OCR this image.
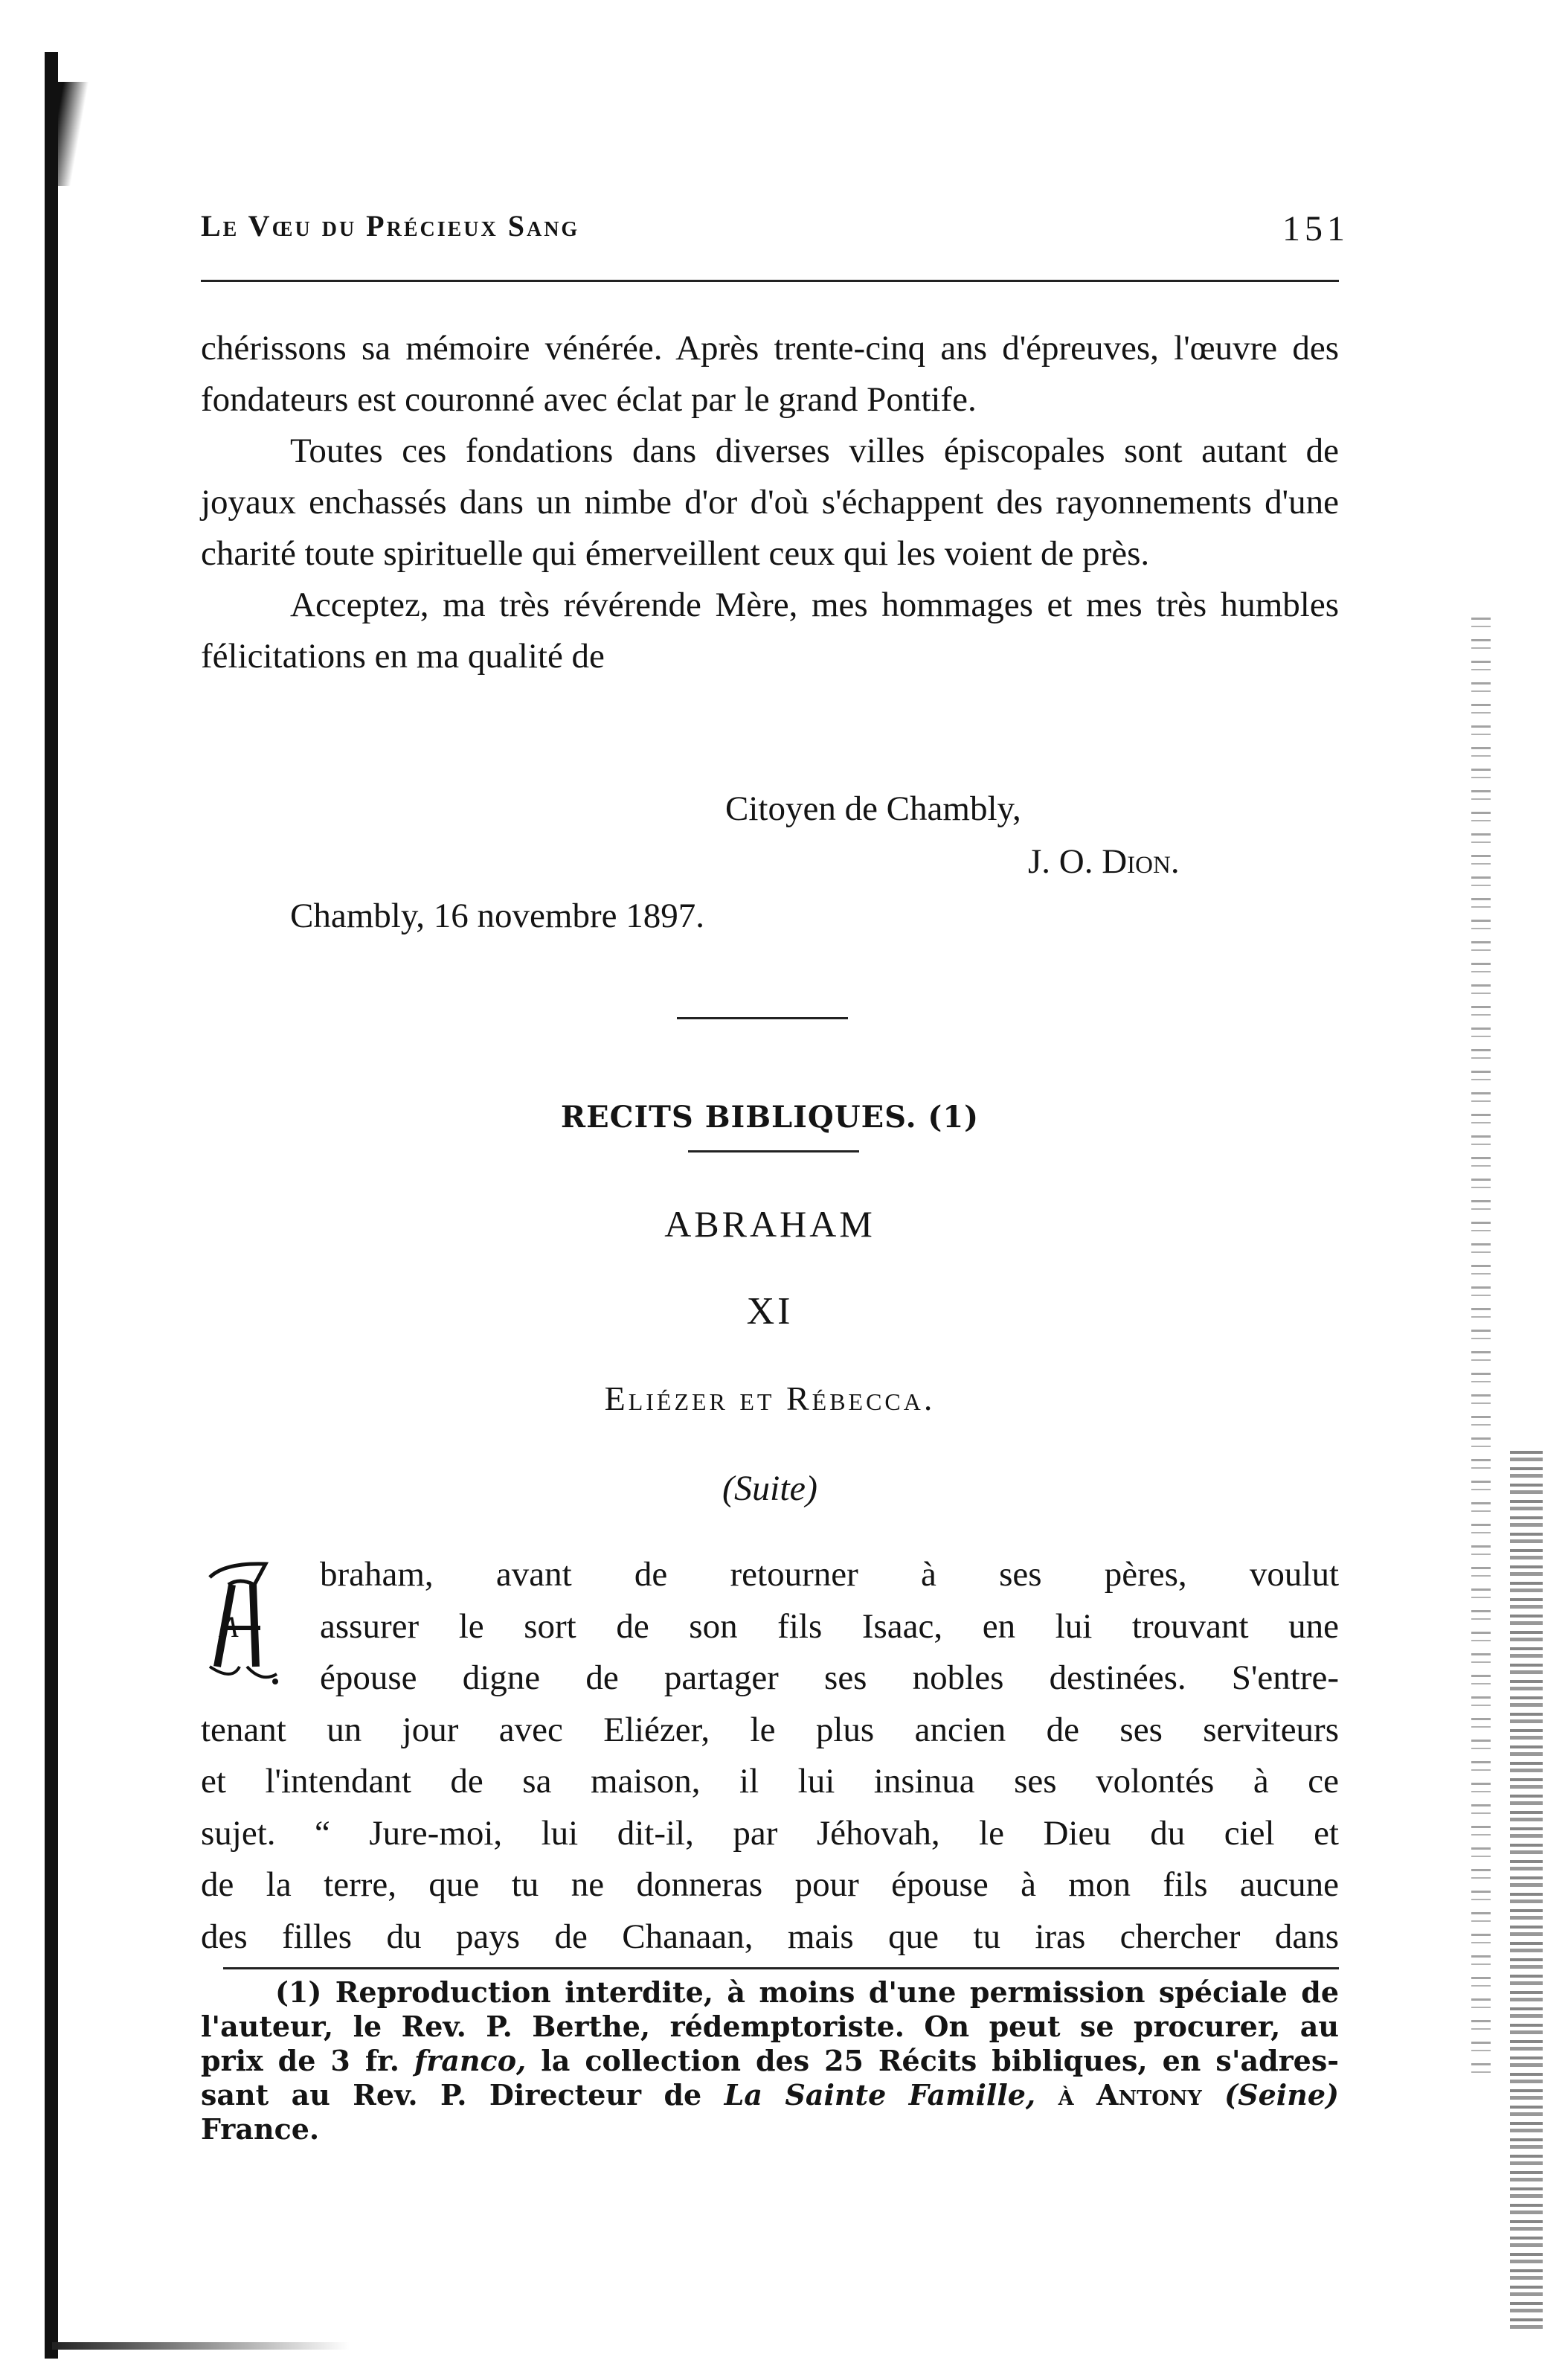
Le Vœu du Précieux Sang	151

chérissons sa mémoire vénérée. Après trente-cinq ans d'épreuves, l'œuvre des fondateurs est couronné avec éclat par le grand Pontife.

Toutes ces fondations dans diverses villes épiscopales sont autant de joyaux enchassés dans un nimbe d'or d'où s'échappent des rayonnements d'une charité toute spirituelle qui émerveillent ceux qui les voient de près.

Acceptez, ma très révérende Mère, mes hommages et mes très humbles félicitations en ma qualité de

Citoyen de Chambly,
J. O. Dion.
Chambly, 16 novembre 1897.
RECITS BIBLIQUES. (1)
ABRAHAM
XI
Eliézer et Rébecca.
(Suite)
A
braham, avant de retourner à ses pères, voulut
assurer le sort de son fils Isaac, en lui trouvant une
épouse digne de partager ses nobles destinées. S'entre-
tenant un jour avec Eliézer, le plus ancien de ses serviteurs
et l'intendant de sa maison, il lui insinua ses volontés à ce
sujet. “ Jure-moi, lui dit-il, par Jéhovah, le Dieu du ciel et
de la terre, que tu ne donneras pour épouse à mon fils aucune
des filles du pays de Chanaan, mais que tu iras chercher dans
(1) Reproduction interdite, à moins d'une permission spéciale de
l'auteur, le Rev. P. Berthe, rédemptoriste. On peut se procurer, au
prix de 3 fr. franco, la collection des 25 Récits bibliques, en s'adres-
sant au Rev. P. Directeur de La Sainte Famille, à Antony (Seine)
France.
